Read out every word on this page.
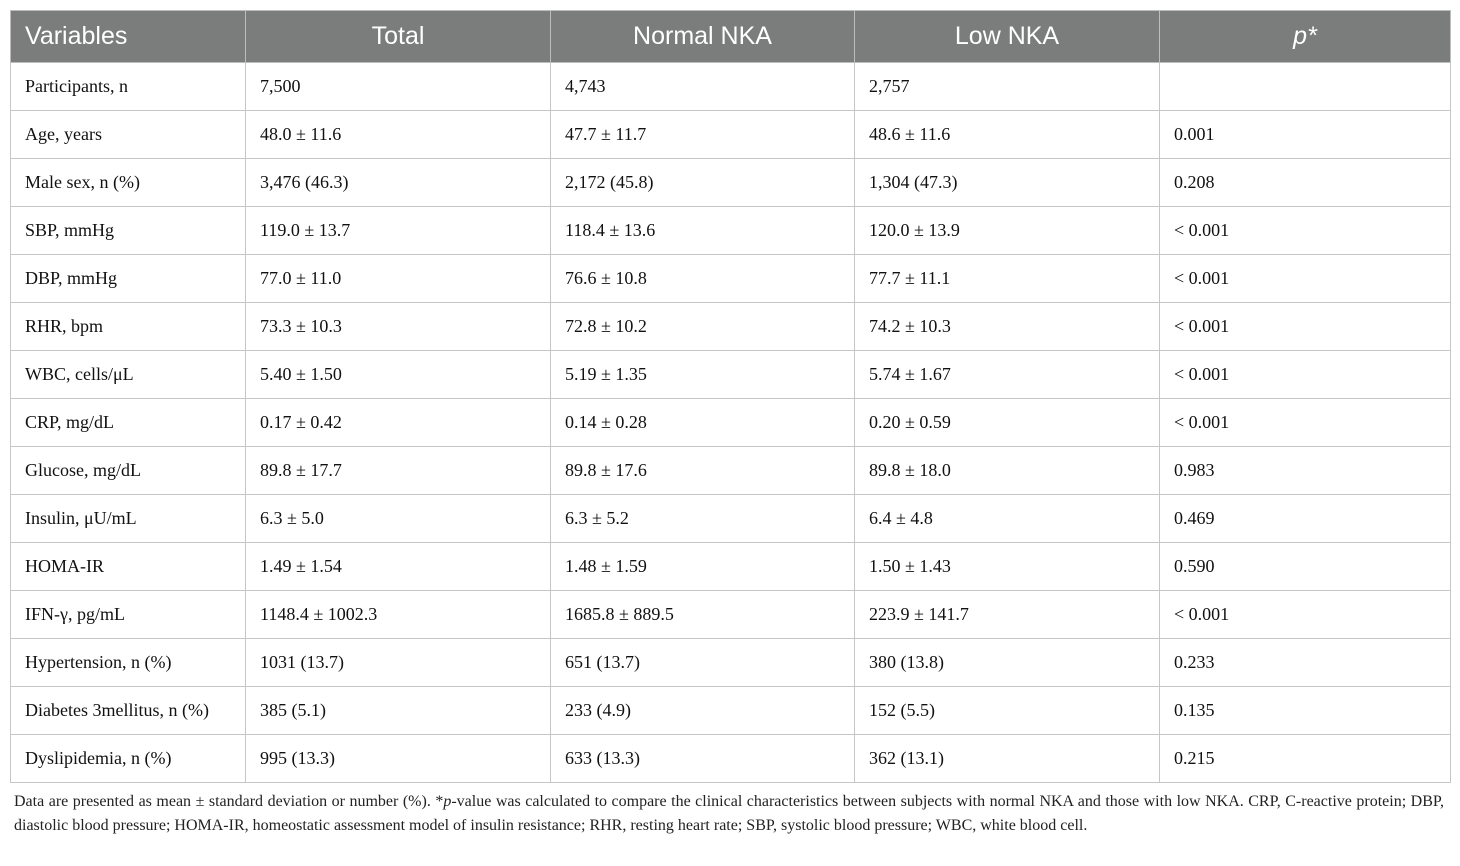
Variables	Total	Normal NKA	Low NKA	p*
Participants, n	7,500	4,743	2,757	
Age, years	48.0 ± 11.6	47.7 ± 11.7	48.6 ± 11.6	0.001
Male sex, n (%)	3,476 (46.3)	2,172 (45.8)	1,304 (47.3)	0.208
SBP, mmHg	119.0 ± 13.7	118.4 ± 13.6	120.0 ± 13.9	< 0.001
DBP, mmHg	77.0 ± 11.0	76.6 ± 10.8	77.7 ± 11.1	< 0.001
RHR, bpm	73.3 ± 10.3	72.8 ± 10.2	74.2 ± 10.3	< 0.001
WBC, cells/μL	5.40 ± 1.50	5.19 ± 1.35	5.74 ± 1.67	< 0.001
CRP, mg/dL	0.17 ± 0.42	0.14 ± 0.28	0.20 ± 0.59	< 0.001
Glucose, mg/dL	89.8 ± 17.7	89.8 ± 17.6	89.8 ± 18.0	0.983
Insulin, μU/mL	6.3 ± 5.0	6.3 ± 5.2	6.4 ± 4.8	0.469
HOMA-IR	1.49 ± 1.54	1.48 ± 1.59	1.50 ± 1.43	0.590
IFN-γ, pg/mL	1148.4 ± 1002.3	1685.8 ± 889.5	223.9 ± 141.7	< 0.001
Hypertension, n (%)	1031 (13.7)	651 (13.7)	380 (13.8)	0.233
Diabetes 3mellitus, n (%)	385 (5.1)	233 (4.9)	152 (5.5)	0.135
Dyslipidemia, n (%)	995 (13.3)	633 (13.3)	362 (13.1)	0.215
Data are presented as mean ± standard deviation or number (%). *p-value was calculated to compare the clinical characteristics between subjects with normal NKA and those with low NKA. CRP, C-reactive protein; DBP, diastolic blood pressure; HOMA-IR, homeostatic assessment model of insulin resistance; RHR, resting heart rate; SBP, systolic blood pressure; WBC, white blood cell.
